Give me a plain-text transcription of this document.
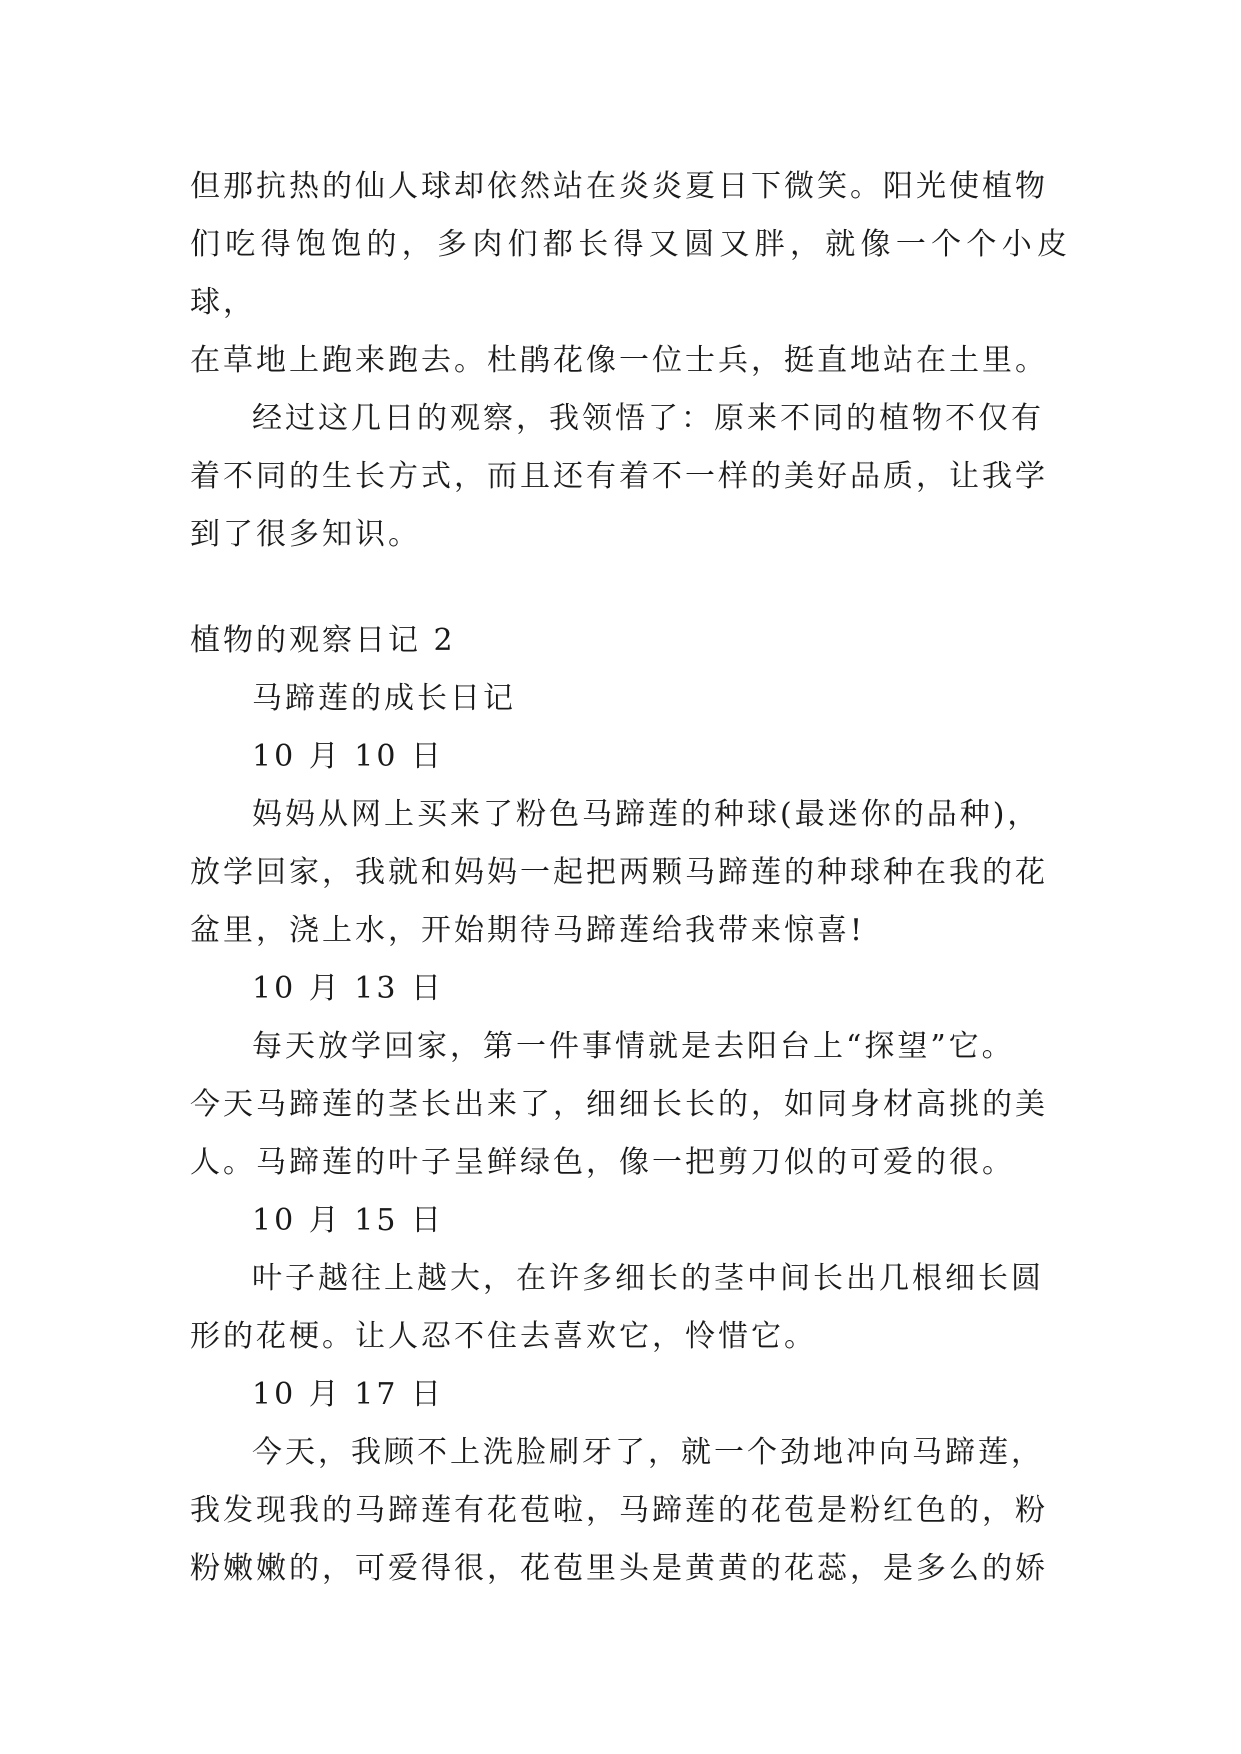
但那抗热的仙人球却依然站在炎炎夏日下微笑。阳光使植物
们吃得饱饱的，多肉们都长得又圆又胖，就像一个个小皮球，
在草地上跑来跑去。杜鹃花像一位士兵，挺直地站在土里。

经过这几日的观察，我领悟了：原来不同的植物不仅有
着不同的生长方式，而且还有着不一样的美好品质，让我学
到了很多知识。

植物的观察日记 2

马蹄莲的成长日记

10 月 10 日

妈妈从网上买来了粉色马蹄莲的种球(最迷你的品种)，
放学回家，我就和妈妈一起把两颗马蹄莲的种球种在我的花
盆里，浇上水，开始期待马蹄莲给我带来惊喜!

10 月 13 日

每天放学回家，第一件事情就是去阳台上“探望”它。
今天马蹄莲的茎长出来了，细细长长的，如同身材高挑的美
人。马蹄莲的叶子呈鲜绿色，像一把剪刀似的可爱的很。

10 月 15 日

叶子越往上越大，在许多细长的茎中间长出几根细长圆
形的花梗。让人忍不住去喜欢它，怜惜它。

10 月 17 日

今天，我顾不上洗脸刷牙了，就一个劲地冲向马蹄莲，
我发现我的马蹄莲有花苞啦，马蹄莲的花苞是粉红色的，粉
粉嫩嫩的，可爱得很，花苞里头是黄黄的花蕊，是多么的娇
